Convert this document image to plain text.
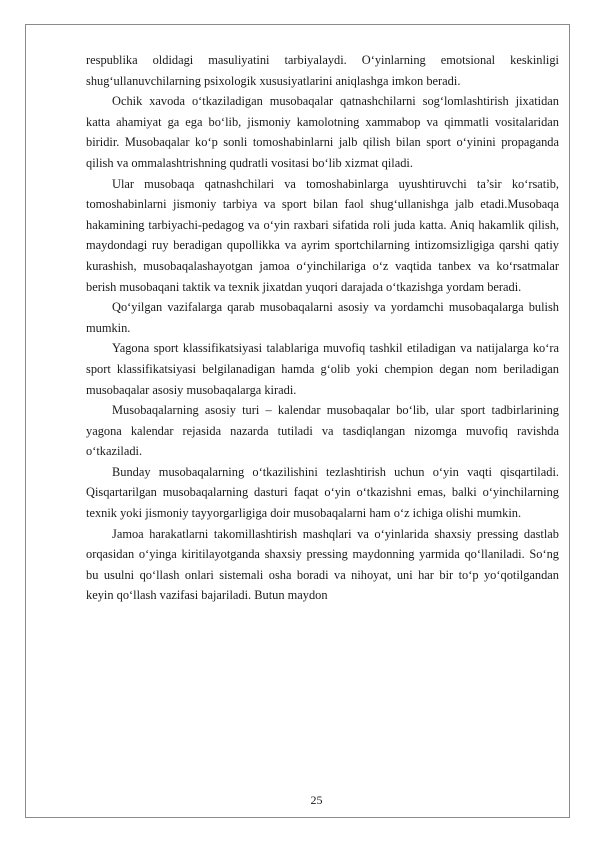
respublika oldidagi masuliyatini tarbiyalaydi. O‘yinlarning emotsional keskinligi shug‘ullanuvchilarning psixologik xususiyatlarini aniqlashga imkon beradi.

Ochik xavoda o‘tkaziladigan musobaqalar qatnashchilarni sog‘lomlashtirish jixatidan katta ahamiyat ga ega bo‘lib, jismoniy kamolotning xammabop va qimmatli vositalaridan biridir. Musobaqalar ko‘p sonli tomoshabinlarni jalb qilish bilan sport o‘yinini propaganda qilish va ommalashtrishning qudratli vositasi bo‘lib xizmat qiladi.

Ular musobaqa qatnashchilari va tomoshabinlarga uyushtiruvchi ta’sir ko‘rsatib, tomoshabinlarni jismoniy tarbiya va sport bilan faol shug‘ullanishga jalb etadi.Musobaqa hakamining tarbiyachi-pedagog va o‘yin raxbari sifatida roli juda katta. Aniq hakamlik qilish, maydondagi ruy beradigan qupollikka va ayrim sportchilarning intizomsizligiga qarshi qatiy kurashish, musobaqalashayotgan jamoa o‘yinchilariga o‘z vaqtida tanbex va ko‘rsatmalar berish musobaqani taktik va texnik jixatdan yuqori darajada o‘tkazishga yordam beradi.

Qo‘yilgan vazifalarga qarab musobaqalarni asosiy va yordamchi musobaqalarga bulish mumkin.

Yagona sport klassifikatsiyasi talablariga muvofiq tashkil etiladigan va natijalarga ko‘ra sport klassifikatsiyasi belgilanadigan hamda g‘olib yoki chempion degan nom beriladigan musobaqalar asosiy musobaqalarga kiradi.

Musobaqalarning asosiy turi – kalendar musobaqalar bo‘lib, ular sport tadbirlarining yagona kalendar rejasida nazarda tutiladi va tasdiqlangan nizomga muvofiq ravishda o‘tkaziladi.

Bunday musobaqalarning o‘tkazilishini tezlashtirish uchun o‘yin vaqti qisqartiladi. Qisqartarilgan musobaqalarning dasturi faqat o‘yin o‘tkazishni emas, balki o‘yinchilarning texnik yoki jismoniy tayyorgarligiga doir musobaqalarni ham o‘z ichiga olishi mumkin.

Jamoa harakatlarni takomillashtirish mashqlari va o‘yinlarida shaxsiy pressing dastlab orqasidan o‘yinga kiritilayotganda shaxsiy pressing maydonning yarmida qo‘llaniladi. So‘ng bu usulni qo‘llash onlari sistemali osha boradi va nihoyat, uni har bir to‘p yo‘qotilgandan keyin qo‘llash vazifasi bajariladi. Butun maydon

25
